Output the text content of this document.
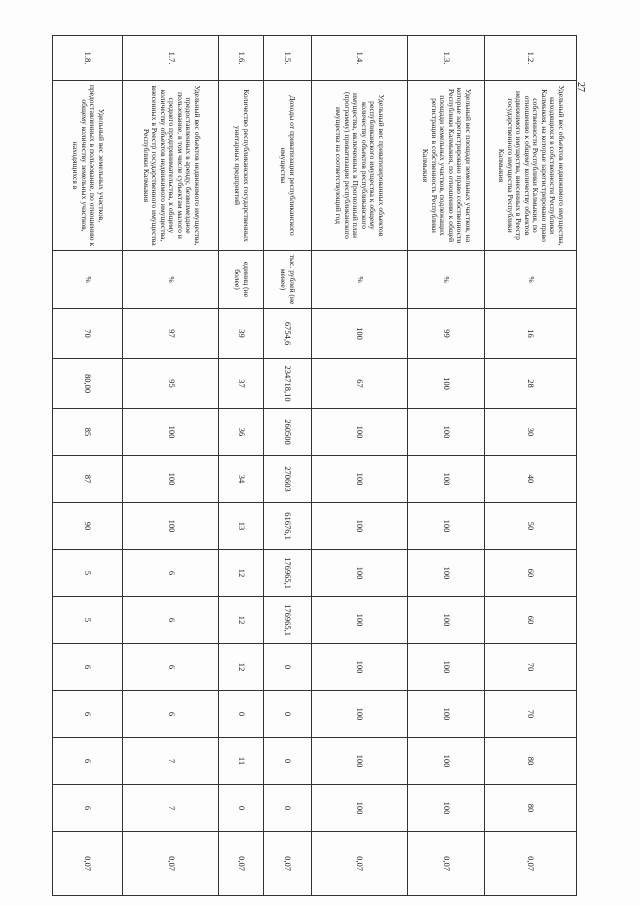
1.2.	Удельный вес объектов недвижимого имущества, находящихся в собственности Республики Калмыкия, на которые зарегистрировано право собственности Республики Калмыкия, по отношению к общему количеству объектов недвижимого имущества, внесенных в Реестр государственного имущества Республики Калмыкия	%	16	28	30	40	50	60	60	70	70	80	80	0,07
1.3.	Удельный вес площади земельных участков, на которые зарегистрировано право собственности Республики Калмыкия, по отношению к общей площади земельных участков, подлежащих регистрации в собственность Республики Калмыкия	%	99	100	100	100	100	100	100	100	100	100	100	0,07
1.4.	Удельный вес приватизированных объектов республиканского имущества к общему количеству объектов республиканского имущества, включенных в Прогнозный план (программу) приватизации республиканского имущества на соответствующий год	%	100	67	100	100	100	100	100	100	100	100	100	0,07
1.5.	Доходы от приватизации республиканского имущества	тыс. рублей (не менее)	6754,6	234718,10	260500	270603	61676,1	176965,1	176965,1	0	0	0	0	0,07
1.6.	Количество республиканских государственных унитарных предприятий	единиц (не более)	39	37	36	34	13	12	12	12	0	11	0	0,07
1.7.	Удельный вес объектов недвижимого имущества, предоставленных в аренду, безвозмездное пользование, в том числе субъектам малого и среднего предпринимательства, к общему количеству объектов недвижимого имущества, внесенных в Реестр государственного имущества Республики Калмыкия	%	97	95	100	100	100	6	6	6	6	7	7	0,07
1.8.	Удельный вес земельных участков, предоставленных в пользование, по отношению к общему количеству земельных участков, находящихся в	%	70	80,00	85	87	90	5	5	6	6	6	6	0,07
27
